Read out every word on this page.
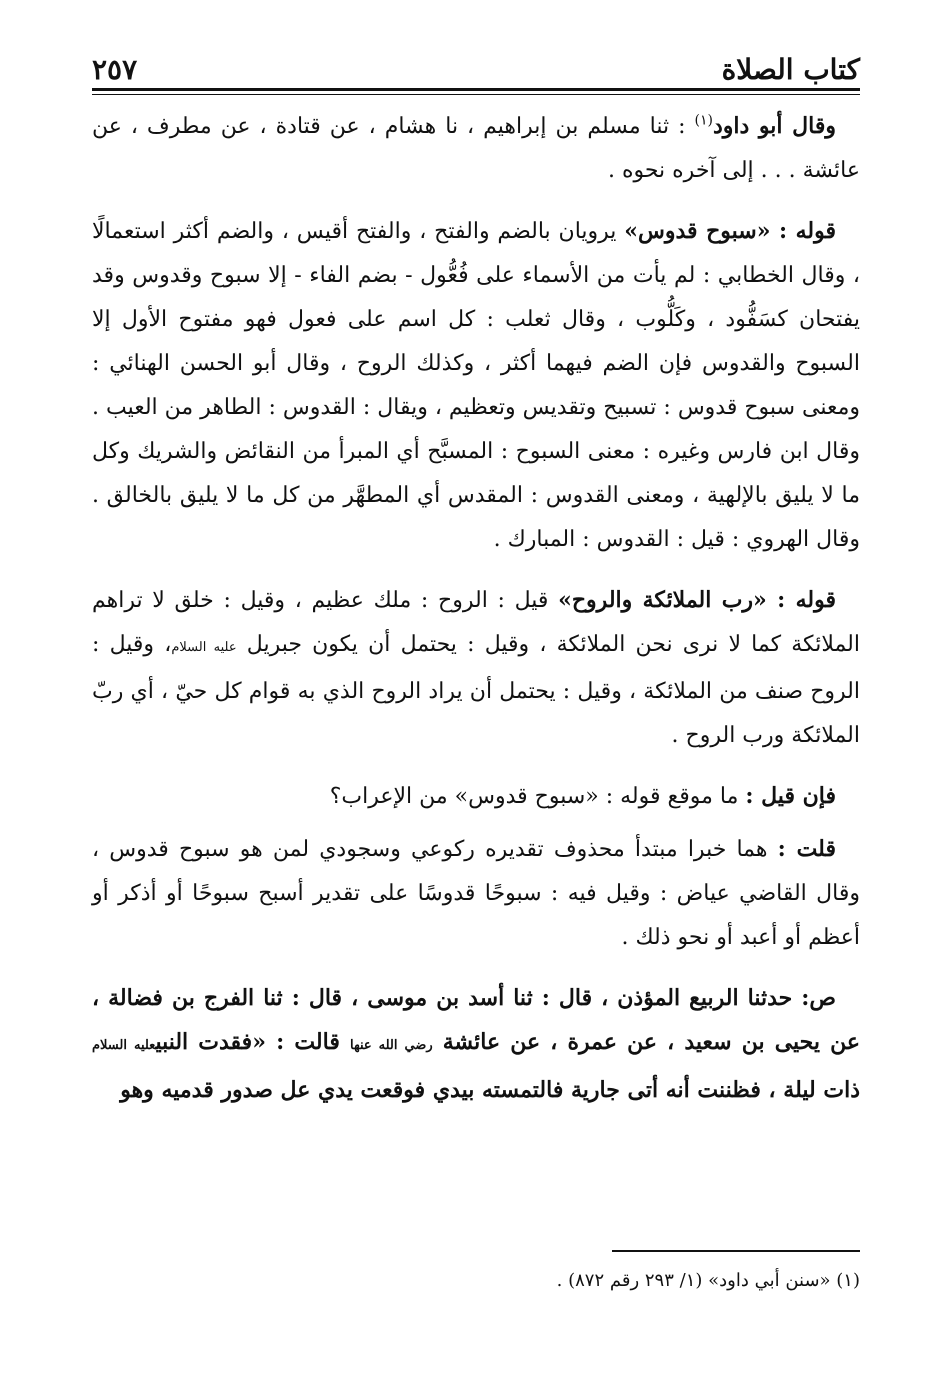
كتاب الصلاة
٢٥٧

وقال أبو داود$^{(١)}$ : ثنا مسلم بن إبراهيم ، نا هشام ، عن قتادة ، عن مطرف ، عن عائشة . . . إلى آخره نحوه .

قوله : «سبوح قدوس» يرويان بالضم والفتح ، والفتح أقيس ، والضم أكثر استعمالًا ، وقال الخطابي : لم يأت من الأسماء على فُعُّول - بضم الفاء - إلا سبوح وقدوس وقد يفتحان كسَفُّود ، وكَلُّوب ، وقال ثعلب : كل اسم على فعول فهو مفتوح الأول إلا السبوح والقدوس فإن الضم فيهما أكثر ، وكذلك الروح ، وقال أبو الحسن الهنائي : ومعنى سبوح قدوس : تسبيح وتقديس وتعظيم ، ويقال : القدوس : الطاهر من العيب . وقال ابن فارس وغيره : معنى السبوح : المسبَّح أي المبرأ من النقائض والشريك وكل ما لا يليق بالإلهية ، ومعنى القدوس : المقدس أي المطهَّر من كل ما لا يليق بالخالق . وقال الهروي : قيل : القدوس : المبارك .

قوله : «رب الملائكة والروح» قيل : الروح : ملك عظيم ، وقيل : خلق لا تراهم الملائكة كما لا نرى نحن الملائكة ، وقيل : يحتمل أن يكون جبريل عليه السلام، وقيل : الروح صنف من الملائكة ، وقيل : يحتمل أن يراد الروح الذي به قوام كل حيّ ، أي ربّ الملائكة ورب الروح .

فإن قيل : ما موقع قوله : «سبوح قدوس» من الإعراب؟

قلت : هما خبرا مبتدأ محذوف تقديره ركوعي وسجودي لمن هو سبوح قدوس ، وقال القاضي عياض : وقيل فيه : سبوحًا قدوسًا على تقدير أسبح سبوحًا أو أذكر أو أعظم أو أعبد أو نحو ذلك .

ص: حدثنا الربيع المؤذن ، قال : ثنا أسد بن موسى ، قال : ثنا الفرج بن فضالة ، عن يحيى بن سعيد ، عن عمرة ، عن عائشة رضي الله عنها قالت : «فقدت النبيعليه السلام ذات ليلة ، فظننت أنه أتى جارية فالتمسته بيدي فوقعت يدي عل صدور قدميه وهو

(١) «سنن أبي داود» (١/ ٢٩٣ رقم ٨٧٢) .
